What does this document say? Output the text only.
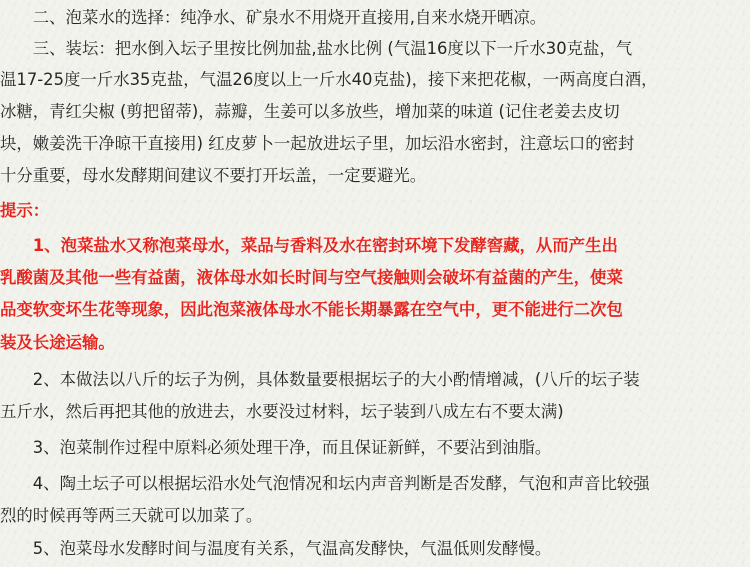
　　二、泡菜水的选择：纯净水、矿泉水不用烧开直接用,自来水烧开晒凉。
　　三、装坛：把水倒入坛子里按比例加盐,盐水比例 (气温16度以下一斤水30克盐，气
温17-25度一斤水35克盐，气温26度以上一斤水40克盐)，接下来把花椒，一两高度白酒，
冰糖，青红尖椒 (剪把留蒂)，蒜瓣，生姜可以多放些，增加菜的味道 (记住老姜去皮切
块，嫩姜洗干净晾干直接用) 红皮萝卜一起放进坛子里，加坛沿水密封，注意坛口的密封
十分重要，母水发酵期间建议不要打开坛盖，一定要避光。
提示：
　　1、泡菜盐水又称泡菜母水，菜品与香料及水在密封环境下发酵窖藏，从而产生出
乳酸菌及其他一些有益菌，液体母水如长时间与空气接触则会破坏有益菌的产生，使菜
品变软变坏生花等现象，因此泡菜液体母水不能长期暴露在空气中，更不能进行二次包
装及长途运输。
　　2、本做法以八斤的坛子为例，具体数量要根据坛子的大小酌情增减，(八斤的坛子装
五斤水，然后再把其他的放进去，水要没过材料，坛子装到八成左右不要太满)
　　3、泡菜制作过程中原料必须处理干净，而且保证新鲜，不要沾到油脂。
　　4、陶土坛子可以根据坛沿水处气泡情况和坛内声音判断是否发酵，气泡和声音比较强
烈的时候再等两三天就可以加菜了。
　　5、泡菜母水发酵时间与温度有关系，气温高发酵快，气温低则发酵慢。
